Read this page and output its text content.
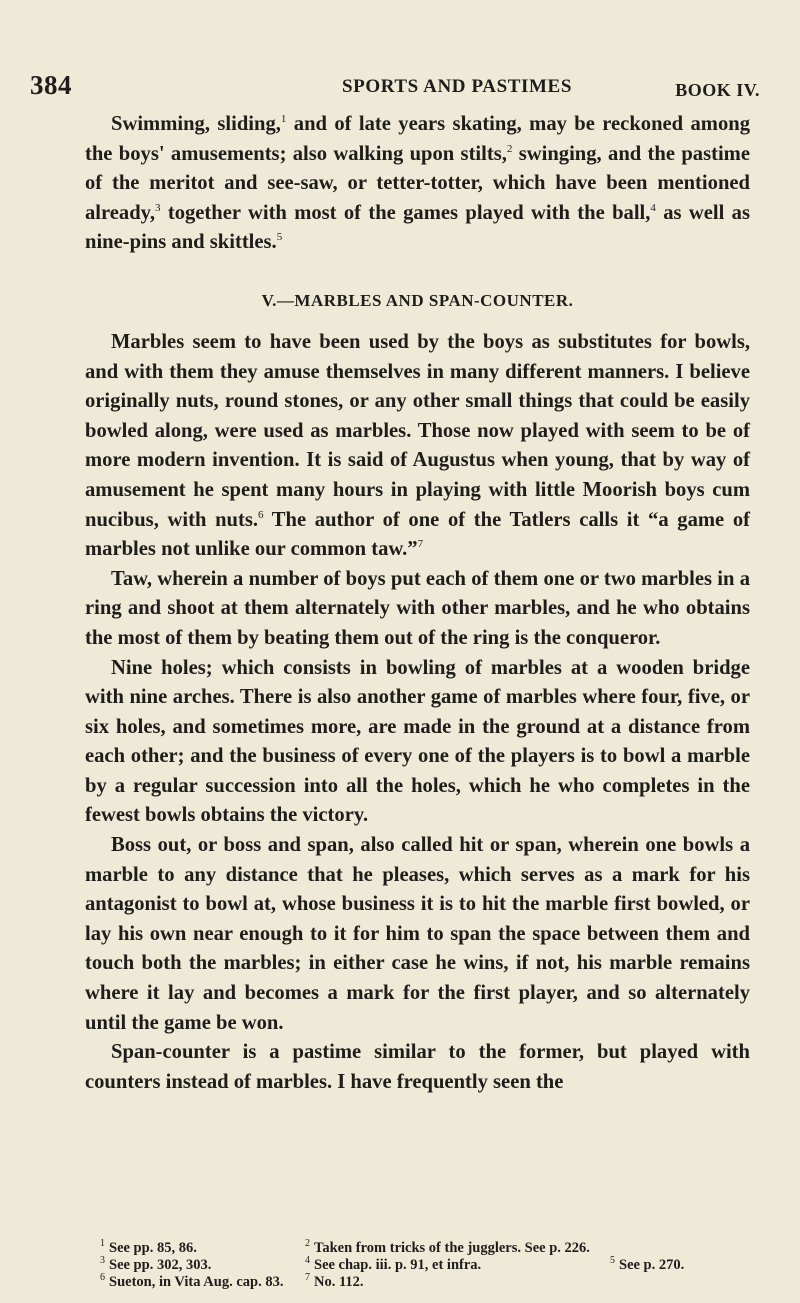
384	SPORTS AND PASTIMES	BOOK IV.

Swimming, sliding,$^1$ and of late years skating, may be reckoned among the boys' amusements; also walking upon stilts,$^2$ swinging, and the pastime of the meritot and see-saw, or tetter-totter, which have been mentioned already,$^3$ together with most of the games played with the ball,$^4$ as well as nine-pins and skittles.$^5$

V.—MARBLES AND SPAN-COUNTER.

Marbles seem to have been used by the boys as substitutes for bowls, and with them they amuse themselves in many different manners. I believe originally nuts, round stones, or any other small things that could be easily bowled along, were used as marbles. Those now played with seem to be of more modern invention. It is said of Augustus when young, that by way of amusement he spent many hours in playing with little Moorish boys cum nucibus, with nuts.$^6$ The author of one of the Tatlers calls it “a game of marbles not unlike our common taw.”$^7$

Taw, wherein a number of boys put each of them one or two marbles in a ring and shoot at them alternately with other marbles, and he who obtains the most of them by beating them out of the ring is the conqueror.

Nine holes; which consists in bowling of marbles at a wooden bridge with nine arches. There is also another game of marbles where four, five, or six holes, and sometimes more, are made in the ground at a distance from each other; and the business of every one of the players is to bowl a marble by a regular succession into all the holes, which he who completes in the fewest bowls obtains the victory.

Boss out, or boss and span, also called hit or span, wherein one bowls a marble to any distance that he pleases, which serves as a mark for his antagonist to bowl at, whose business it is to hit the marble first bowled, or lay his own near enough to it for him to span the space between them and touch both the marbles; in either case he wins, if not, his marble remains where it lay and becomes a mark for the first player, and so alternately until the game be won.

Span-counter is a pastime similar to the former, but played with counters instead of marbles. I have frequently seen the

$^1$ See pp. 85, 86.	$^2$ Taken from tricks of the jugglers. See p. 226.
$^3$ See pp. 302, 303.	$^4$ See chap. iii. p. 91, et infra.	$^5$ See p. 270.
$^6$ Sueton, in Vita Aug. cap. 83.	$^7$ No. 112.
